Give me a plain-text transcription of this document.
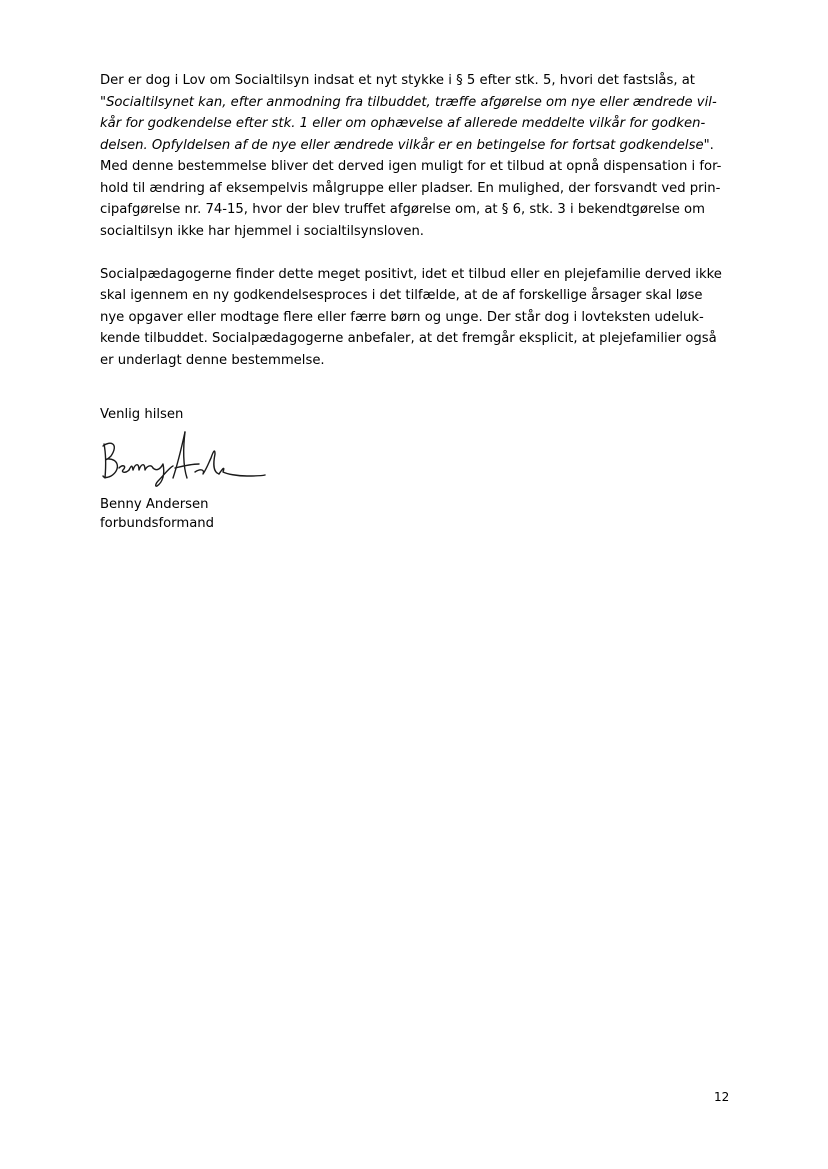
Der er dog i Lov om Socialtilsyn indsat et nyt stykke i § 5 efter stk. 5, hvori det fastslås, at
"Socialtilsynet kan, efter anmodning fra tilbuddet, træffe afgørelse om nye eller ændrede vil-
kår for godkendelse efter stk. 1 eller om ophævelse af allerede meddelte vilkår for godken-
delsen. Opfyldelsen af de nye eller ændrede vilkår er en betingelse for fortsat godkendelse".
Med denne bestemmelse bliver det derved igen muligt for et tilbud at opnå dispensation i for-
hold til ændring af eksempelvis målgruppe eller pladser. En mulighed, der forsvandt ved prin-
cipafgørelse nr. 74-15, hvor der blev truffet afgørelse om, at § 6, stk. 3 i bekendtgørelse om
socialtilsyn ikke har hjemmel i socialtilsynsloven.
Socialpædagogerne finder dette meget positivt, idet et tilbud eller en plejefamilie derved ikke
skal igennem en ny godkendelsesproces i det tilfælde, at de af forskellige årsager skal løse
nye opgaver eller modtage flere eller færre børn og unge. Der står dog i lovteksten udeluk-
kende tilbuddet. Socialpædagogerne anbefaler, at det fremgår eksplicit, at plejefamilier også
er underlagt denne bestemmelse.
Venlig hilsen
Benny Andersen
forbundsformand
12
